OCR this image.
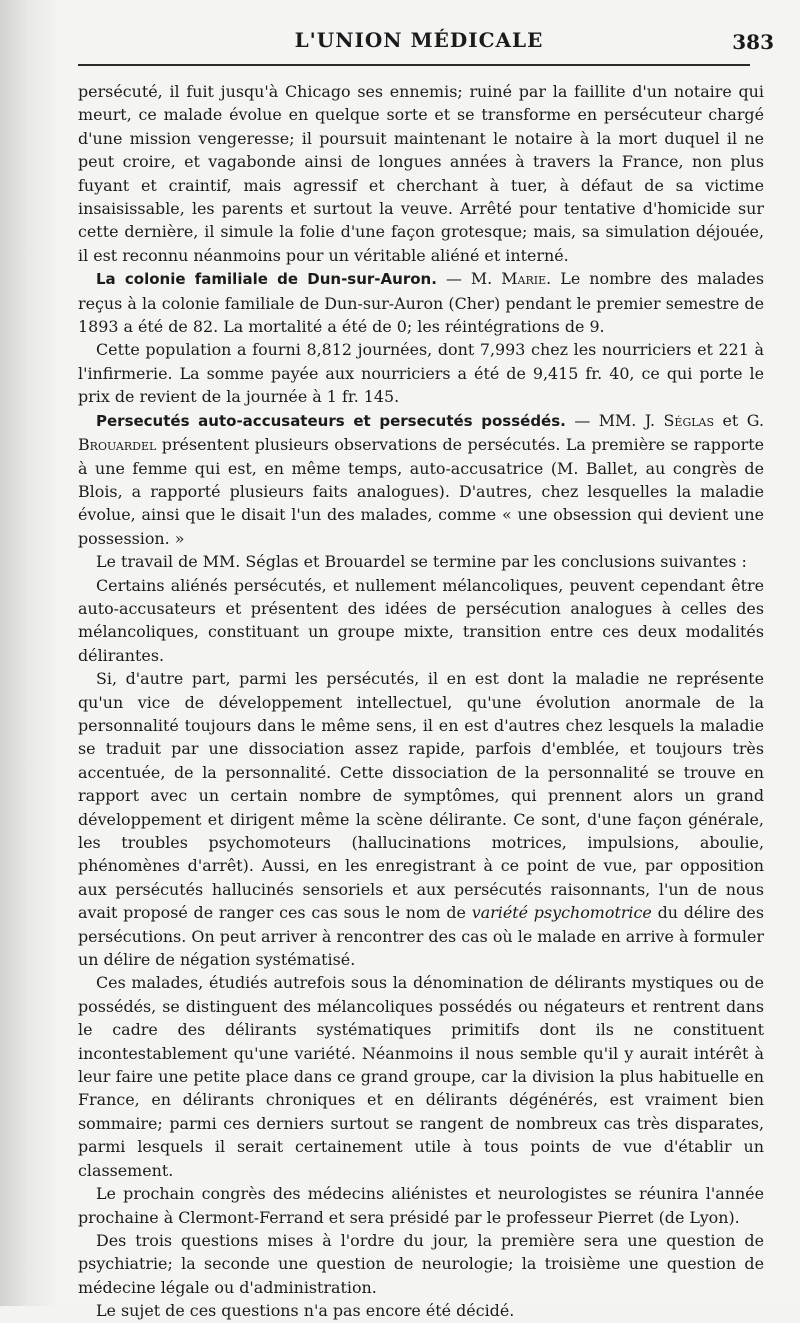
L'UNION MÉDICALE	383

persécuté, il fuit jusqu'à Chicago ses ennemis; ruiné par la faillite d'un notaire qui meurt, ce malade évolue en quelque sorte et se transforme en persécuteur chargé d'une mission vengeresse; il poursuit maintenant le notaire à la mort duquel il ne peut croire, et vagabonde ainsi de longues années à travers la France, non plus fuyant et craintif, mais agressif et cherchant à tuer, à défaut de sa victime insaisissable, les parents et surtout la veuve. Arrêté pour tentative d'homicide sur cette dernière, il simule la folie d'une façon grotesque; mais, sa simulation déjouée, il est reconnu néanmoins pour un véritable aliéné et interné.

La colonie familiale de Dun-sur-Auron. — M. Marie. Le nombre des malades reçus à la colonie familiale de Dun-sur-Auron (Cher) pendant le premier semestre de 1893 a été de 82. La mortalité a été de 0; les réintégrations de 9.

Cette population a fourni 8,812 journées, dont 7,993 chez les nourriciers et 221 à l'infirmerie. La somme payée aux nourriciers a été de 9,415 fr. 40, ce qui porte le prix de revient de la journée à 1 fr. 145.

Persecutés auto-accusateurs et persecutés possédés. — MM. J. Séglas et G. Brouardel présentent plusieurs observations de persécutés. La première se rapporte à une femme qui est, en même temps, auto-accusatrice (M. Ballet, au congrès de Blois, a rapporté plusieurs faits analogues). D'autres, chez lesquelles la maladie évolue, ainsi que le disait l'un des malades, comme « une obsession qui devient une possession. »

Le travail de MM. Séglas et Brouardel se termine par les conclusions suivantes :

Certains aliénés persécutés, et nullement mélancoliques, peuvent cependant être auto-accusateurs et présentent des idées de persécution analogues à celles des mélancoliques, constituant un groupe mixte, transition entre ces deux modalités délirantes.

Si, d'autre part, parmi les persécutés, il en est dont la maladie ne représente qu'un vice de développement intellectuel, qu'une évolution anormale de la personnalité toujours dans le même sens, il en est d'autres chez lesquels la maladie se traduit par une dissociation assez rapide, parfois d'emblée, et toujours très accentuée, de la personnalité. Cette dissociation de la personnalité se trouve en rapport avec un certain nombre de symptômes, qui prennent alors un grand développement et dirigent même la scène délirante. Ce sont, d'une façon générale, les troubles psychomoteurs (hallucinations motrices, impulsions, aboulie, phénomènes d'arrêt). Aussi, en les enregistrant à ce point de vue, par opposition aux persécutés hallucinés sensoriels et aux persécutés raisonnants, l'un de nous avait proposé de ranger ces cas sous le nom de variété psychomotrice du délire des persécutions. On peut arriver à rencontrer des cas où le malade en arrive à formuler un délire de négation systématisé.

Ces malades, étudiés autrefois sous la dénomination de délirants mystiques ou de possédés, se distinguent des mélancoliques possédés ou négateurs et rentrent dans le cadre des délirants systématiques primitifs dont ils ne constituent incontestablement qu'une variété. Néanmoins il nous semble qu'il y aurait intérêt à leur faire une petite place dans ce grand groupe, car la division la plus habituelle en France, en délirants chroniques et en délirants dégénérés, est vraiment bien sommaire; parmi ces derniers surtout se rangent de nombreux cas très disparates, parmi lesquels il serait certainement utile à tous points de vue d'établir un classement.

Le prochain congrès des médecins aliénistes et neurologistes se réunira l'année prochaine à Clermont-Ferrand et sera présidé par le professeur Pierret (de Lyon).

Des trois questions mises à l'ordre du jour, la première sera une question de psychiatrie; la seconde une question de neurologie; la troisième une question de médecine légale ou d'administration.

Le sujet de ces questions n'a pas encore été décidé.
